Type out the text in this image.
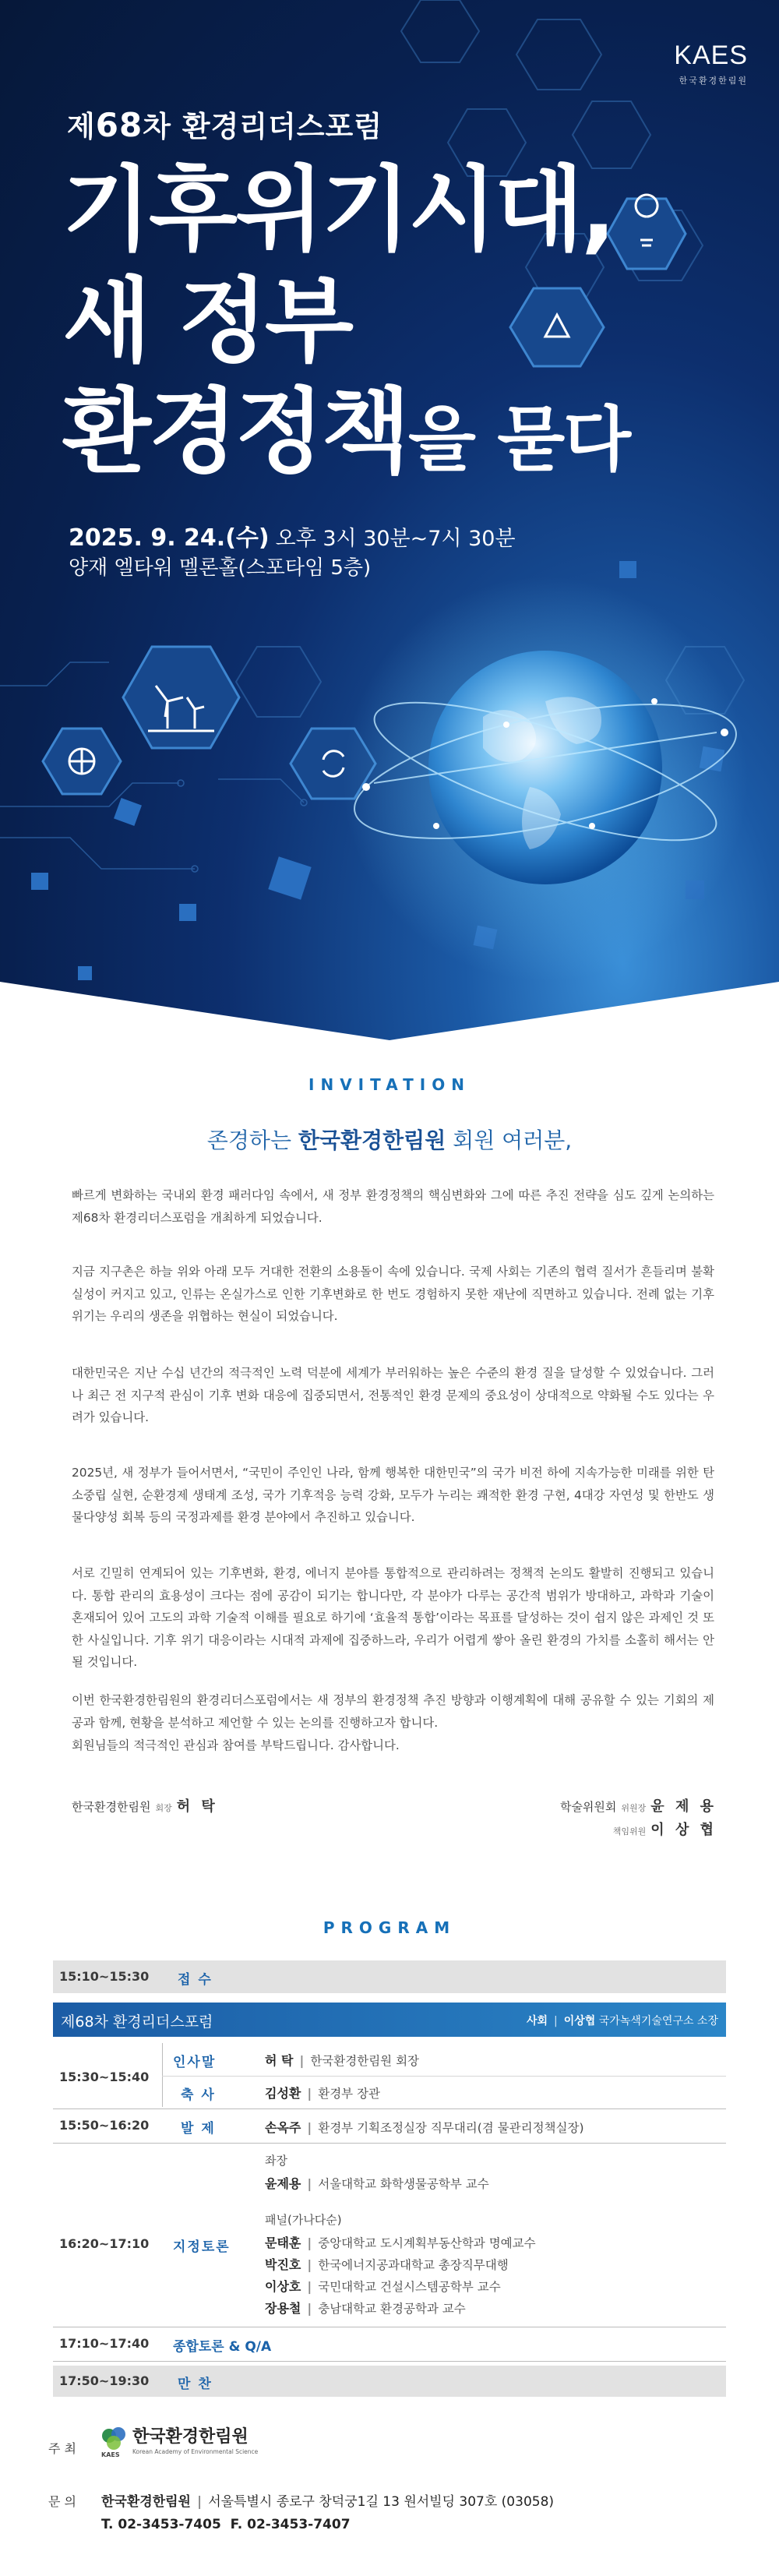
KAES
한국환경한림원
제68차 환경리더스포럼
기후위기시대,
새 정부
환경정책을 묻다
2025. 9. 24.(수) 오후 3시 30분~7시 30분
양재 엘타워 멜론홀(스포타임 5층)
INVITATION
존경하는 한국환경한림원 회원 여러분,
빠르게 변화하는 국내외 환경 패러다임 속에서, 새 정부 환경정책의 핵심변화와 그에 따른 추진 전략을 심도 깊게 논의하는 제68차 환경리더스포럼을 개최하게 되었습니다.
지금 지구촌은 하늘 위와 아래 모두 거대한 전환의 소용돌이 속에 있습니다. 국제 사회는 기존의 협력 질서가 흔들리며 불확실성이 커지고 있고, 인류는 온실가스로 인한 기후변화로 한 번도 경험하지 못한 재난에 직면하고 있습니다. 전례 없는 기후 위기는 우리의 생존을 위협하는 현실이 되었습니다.
대한민국은 지난 수십 년간의 적극적인 노력 덕분에 세계가 부러워하는 높은 수준의 환경 질을 달성할 수 있었습니다. 그러나 최근 전 지구적 관심이 기후 변화 대응에 집중되면서, 전통적인 환경 문제의 중요성이 상대적으로 약화될 수도 있다는 우려가 있습니다.
2025년, 새 정부가 들어서면서, “국민이 주인인 나라, 함께 행복한 대한민국”의 국가 비전 하에 지속가능한 미래를 위한 탄소중립 실현, 순환경제 생태계 조성, 국가 기후적응 능력 강화, 모두가 누리는 쾌적한 환경 구현, 4대강 자연성 및 한반도 생물다양성 회복 등의 국정과제를 환경 분야에서 추진하고 있습니다.
서로 긴밀히 연계되어 있는 기후변화, 환경, 에너지 분야를 통합적으로 관리하려는 정책적 논의도 활발히 진행되고 있습니다. 통합 관리의 효용성이 크다는 점에 공감이 되기는 합니다만, 각 분야가 다루는 공간적 범위가 방대하고, 과학과 기술이 혼재되어 있어 고도의 과학 기술적 이해를 필요로 하기에 ‘효율적 통합’이라는 목표를 달성하는 것이 쉽지 않은 과제인 것 또한 사실입니다. 기후 위기 대응이라는 시대적 과제에 집중하느라, 우리가 어렵게 쌓아 올린 환경의 가치를 소홀히 해서는 안 될 것입니다.
이번 한국환경한림원의 환경리더스포럼에서는 새 정부의 환경정책 추진 방향과 이행계획에 대해 공유할 수 있는 기회의 제공과 함께, 현황을 분석하고 제언할 수 있는 논의를 진행하고자 합니다.
회원님들의 적극적인 관심과 참여를 부탁드립니다. 감사합니다.
한국환경한림원 회장 허 탁	학술위원회 위원장 윤 제 용
책임위원 이 상 협
PROGRAM
15:10~15:30 접 수
제68차 환경리더스포럼	사회 | 이상협 국가녹색기술연구소 소장
15:30~15:40
인사말	허 탁 | 한국환경한림원 회장
축 사	김성환 | 환경부 장관
15:50~16:20 발 제	손옥주 | 환경부 기획조정실장 직무대리(겸 물관리정책실장)
16:20~17:10 지정토론
좌장
윤제용 | 서울대학교 화학생물공학부 교수
패널(가나다순)
문태훈 | 중앙대학교 도시계획부동산학과 명예교수
박진호 | 한국에너지공과대학교 총장직무대행
이상호 | 국민대학교 건설시스템공학부 교수
장용철 | 충남대학교 환경공학과 교수
17:10~17:40 종합토론 & Q/A
17:50~19:30 만 찬
주 최
한국환경한림원
KAES Korean Academy of Environmental Science
문 의 한국환경한림원 | 서울특별시 종로구 창덕궁1길 13 원서빌딩 307호 (03058)
T. 02-3453-7405 F. 02-3453-7407
